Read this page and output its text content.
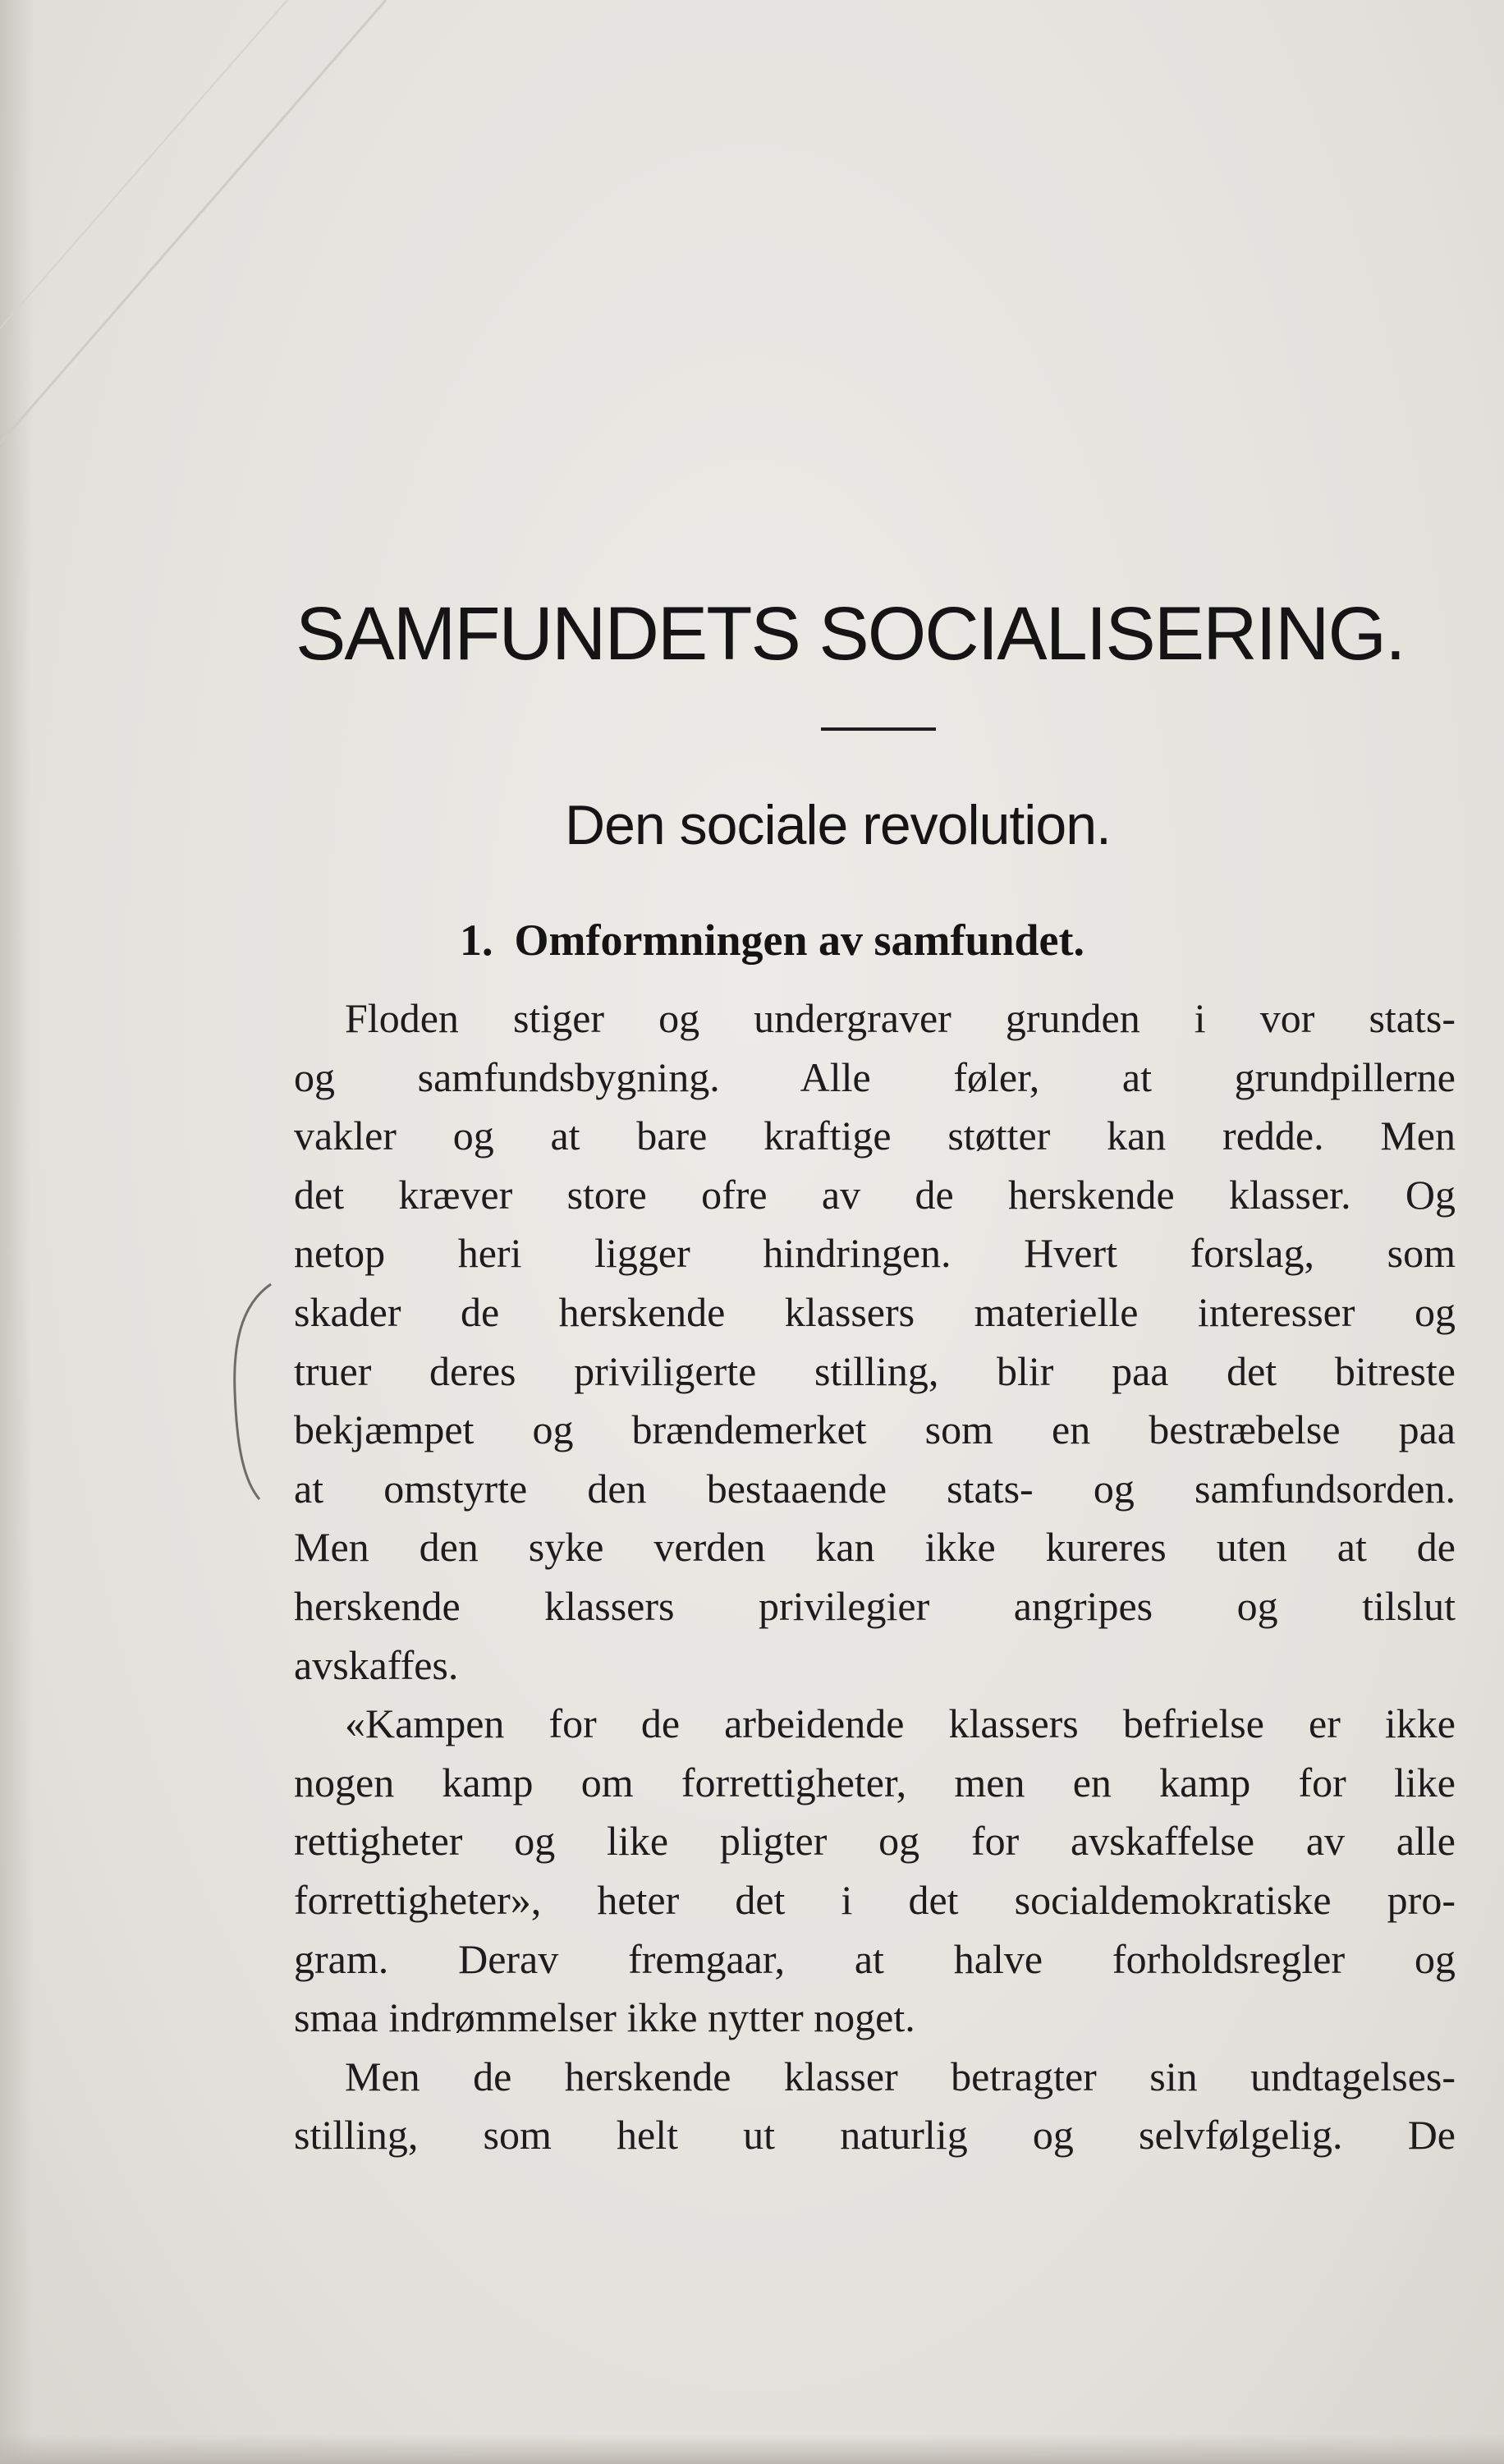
SAMFUNDETS SOCIALISERING.
Den sociale revolution.
1. Omformningen av samfundet.
Floden stiger og undergraver grunden i vor stats-
og samfundsbygning. Alle føler, at grundpillerne
vakler og at bare kraftige støtter kan redde. Men
det kræver store ofre av de herskende klasser. Og
netop heri ligger hindringen. Hvert forslag, som
skader de herskende klassers materielle interesser og
truer deres priviligerte stilling, blir paa det bitreste
bekjæmpet og brændemerket som en bestræbelse paa
at omstyrte den bestaaende stats- og samfundsorden.
Men den syke verden kan ikke kureres uten at de
herskende klassers privilegier angripes og tilslut
avskaffes.
«Kampen for de arbeidende klassers befrielse er ikke
nogen kamp om forrettigheter, men en kamp for like
rettigheter og like pligter og for avskaffelse av alle
forrettigheter», heter det i det socialdemokratiske pro-
gram. Derav fremgaar, at halve forholdsregler og
smaa indrømmelser ikke nytter noget.
Men de herskende klasser betragter sin undtagelses-
stilling, som helt ut naturlig og selvfølgelig. De
